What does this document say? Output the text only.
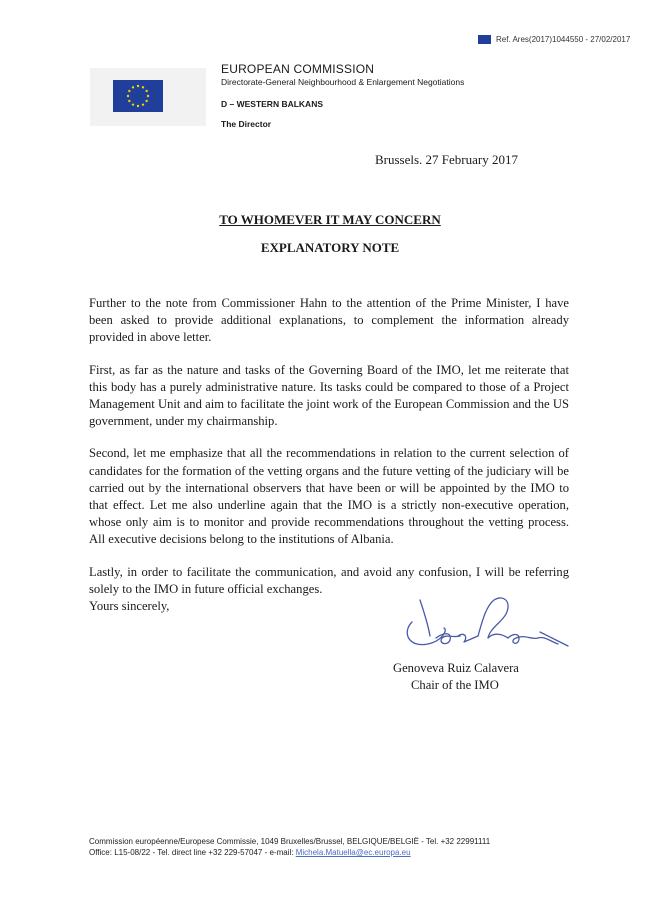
Ref. Ares(2017)1044550 - 27/02/2017
EUROPEAN COMMISSION
Directorate-General Neighbourhood & Enlargement Negotiations
D – WESTERN BALKANS
The Director
Brussels. 27 February 2017
TO WHOMEVER IT MAY CONCERN
EXPLANATORY NOTE

Further to the note from Commissioner Hahn to the attention of the Prime Minister, I have been asked to provide additional explanations, to complement the information already provided in above letter.

First, as far as the nature and tasks of the Governing Board of the IMO, let me reiterate that this body has a purely administrative nature. Its tasks could be compared to those of a Project Management Unit and aim to facilitate the joint work of the European Commission and the US government, under my chairmanship.

Second, let me emphasize that all the recommendations in relation to the current selection of candidates for the formation of the vetting organs and the future vetting of the judiciary will be carried out by the international observers that have been or will be appointed by the IMO to that effect. Let me also underline again that the IMO is a strictly non-executive operation, whose only aim is to monitor and provide recommendations throughout the vetting process. All executive decisions belong to the institutions of Albania.

Lastly, in order to facilitate the communication, and avoid any confusion, I will be referring solely to the IMO in future official exchanges.

Yours sincerely,
Genoveva Ruiz Calavera
Chair of the IMO
Commission européenne/Europese Commissie, 1049 Bruxelles/Brussel, BELGIQUE/BELGIË - Tel. +32 22991111
Office: L15-08/22 - Tel. direct line +32 229-57047 - e-mail: Michela.Matuella@ec.europa.eu
